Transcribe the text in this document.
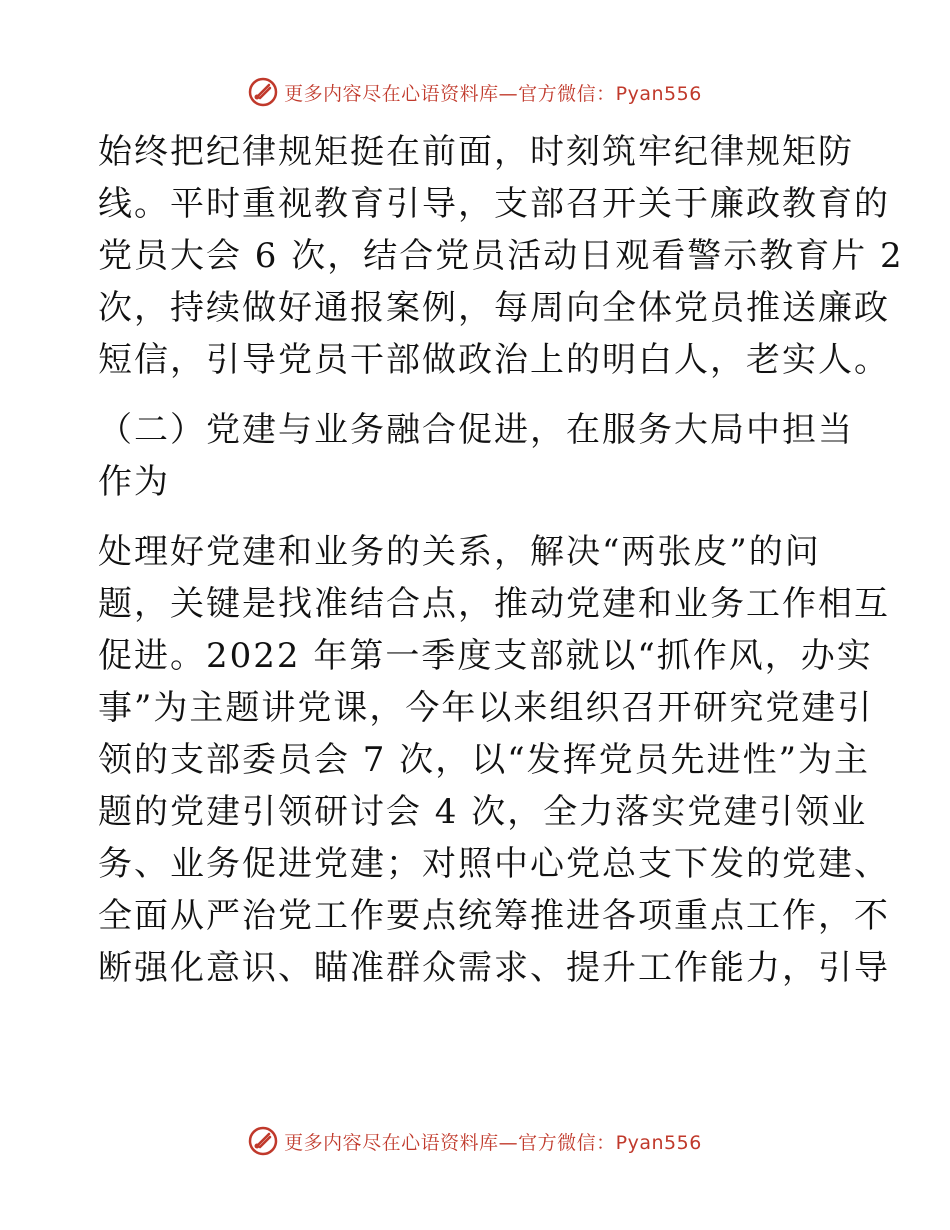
更多内容尽在心语资料库—官方微信：Pyan556
始终把纪律规矩挺在前面，时刻筑牢纪律规矩防
线。平时重视教育引导，支部召开关于廉政教育的
党员大会 6 次，结合党员活动日观看警示教育片 2
次，持续做好通报案例，每周向全体党员推送廉政
短信，引导党员干部做政治上的明白人，老实人。
（二）党建与业务融合促进，在服务大局中担当
作为
处理好党建和业务的关系，解决“两张皮”的问
题，关键是找准结合点，推动党建和业务工作相互
促进。2022 年第一季度支部就以“抓作风，办实
事”为主题讲党课，今年以来组织召开研究党建引
领的支部委员会 7 次，以“发挥党员先进性”为主
题的党建引领研讨会 4 次，全力落实党建引领业
务、业务促进党建；对照中心党总支下发的党建、
全面从严治党工作要点统筹推进各项重点工作，不
断强化意识、瞄准群众需求、提升工作能力，引导
更多内容尽在心语资料库—官方微信：Pyan556
